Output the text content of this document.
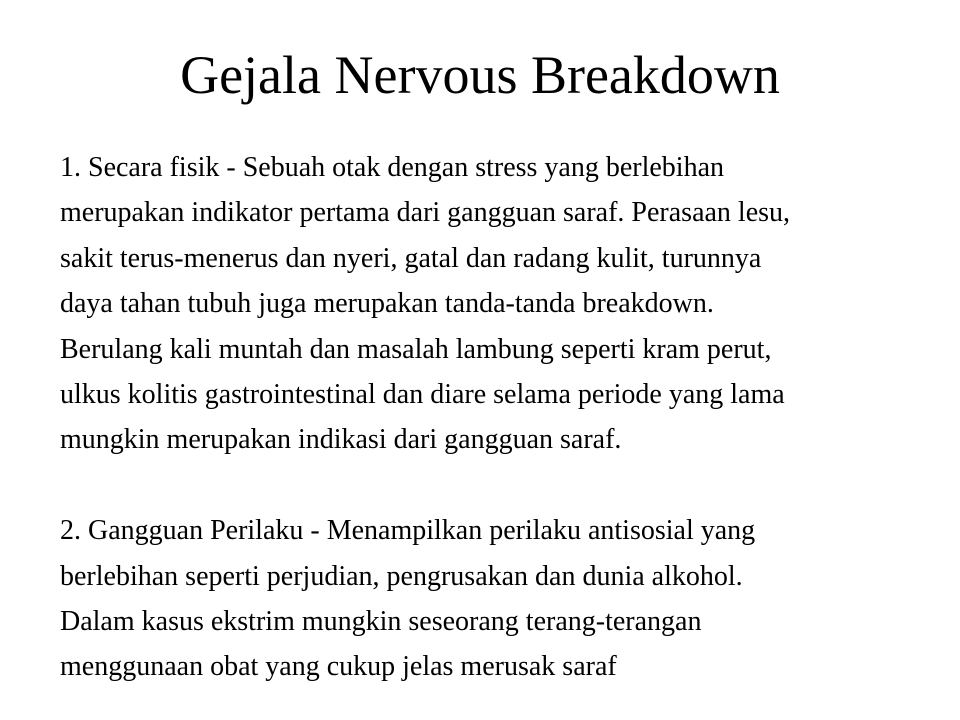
Gejala Nervous Breakdown
1. Secara fisik - Sebuah otak dengan stress yang berlebihan
merupakan indikator pertama dari gangguan saraf. Perasaan lesu,
sakit terus-menerus dan nyeri, gatal dan radang kulit, turunnya
daya tahan tubuh juga merupakan tanda-tanda breakdown.
Berulang kali muntah dan masalah lambung seperti kram perut,
ulkus kolitis gastrointestinal dan diare selama periode yang lama
mungkin merupakan indikasi dari gangguan saraf.
2. Gangguan Perilaku - Menampilkan perilaku antisosial yang
berlebihan seperti perjudian, pengrusakan dan dunia alkohol.
Dalam kasus ekstrim mungkin seseorang terang-terangan
menggunaan obat yang cukup jelas merusak saraf
